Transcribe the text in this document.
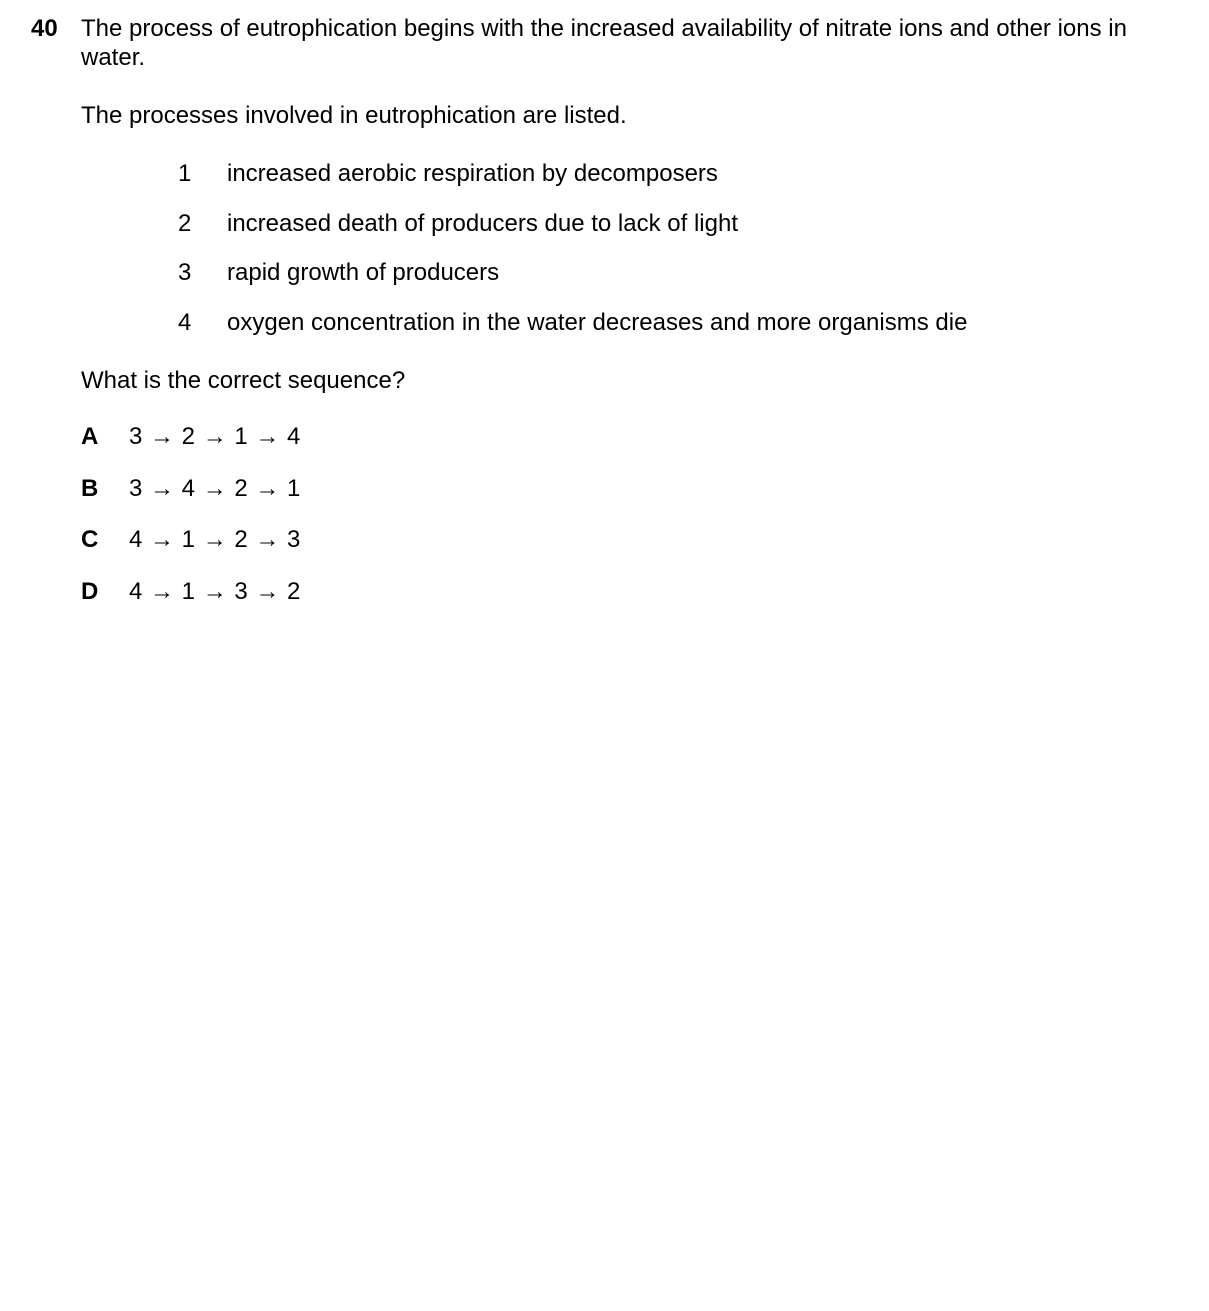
40 The process of eutrophication begins with the increased availability of nitrate ions and other ions in water.
The processes involved in eutrophication are listed.
1 increased aerobic respiration by decomposers
2 increased death of producers due to lack of light
3 rapid growth of producers
4 oxygen concentration in the water decreases and more organisms die
What is the correct sequence?
A 3 → 2 → 1 → 4
B 3 → 4 → 2 → 1
C 4 → 1 → 2 → 3
D 4 → 1 → 3 → 2
